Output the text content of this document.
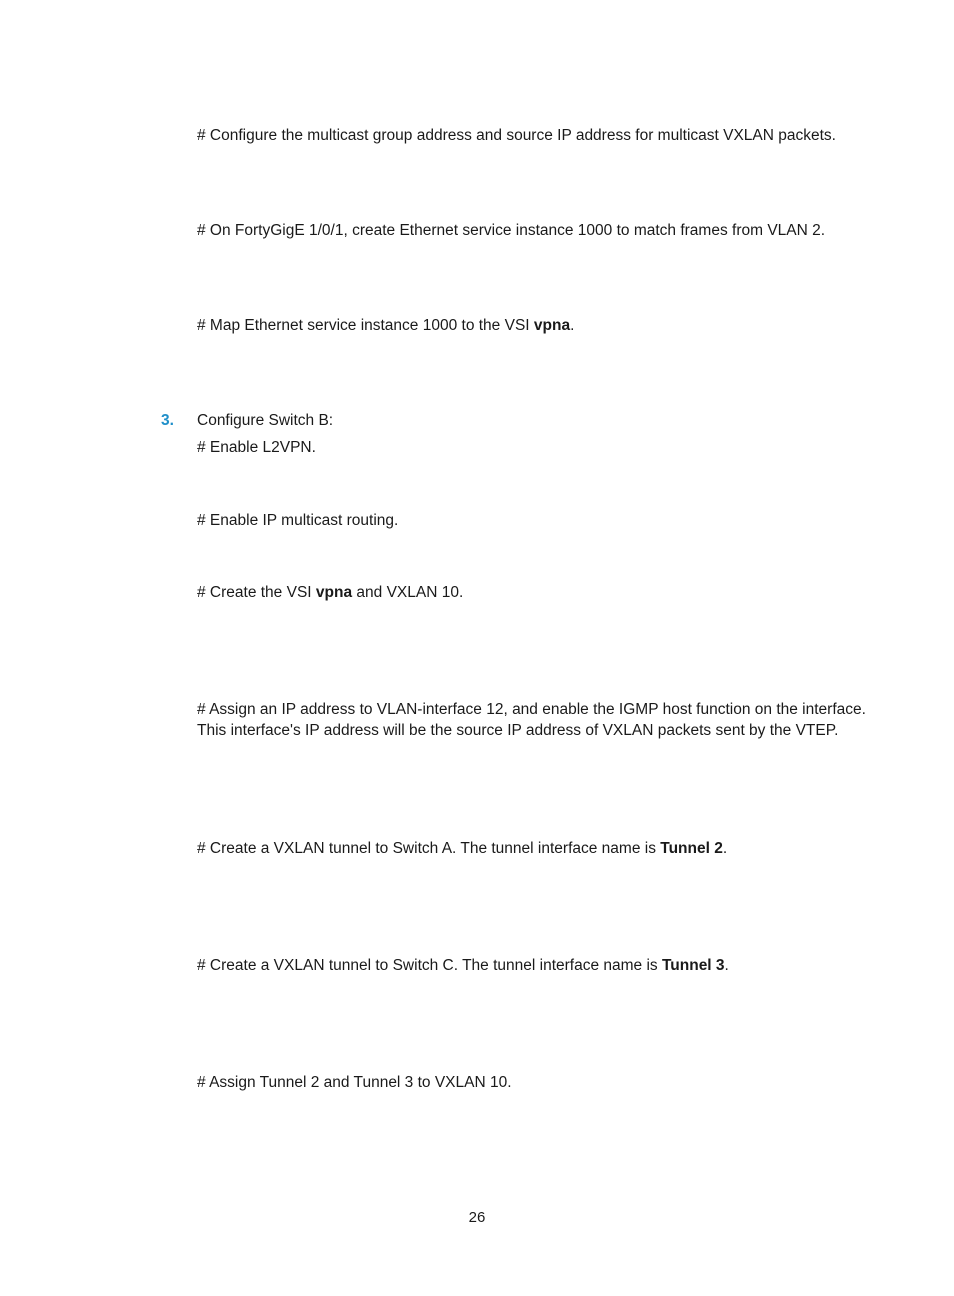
# Configure the multicast group address and source IP address for multicast VXLAN packets.
# On FortyGigE 1/0/1, create Ethernet service instance 1000 to match frames from VLAN 2.
# Map Ethernet service instance 1000 to the VSI vpna.
3. Configure Switch B:
# Enable L2VPN.
# Enable IP multicast routing.
# Create the VSI vpna and VXLAN 10.
# Assign an IP address to VLAN-interface 12, and enable the IGMP host function on the interface.
This interface's IP address will be the source IP address of VXLAN packets sent by the VTEP.
# Create a VXLAN tunnel to Switch A. The tunnel interface name is Tunnel 2.
# Create a VXLAN tunnel to Switch C. The tunnel interface name is Tunnel 3.
# Assign Tunnel 2 and Tunnel 3 to VXLAN 10.
26
